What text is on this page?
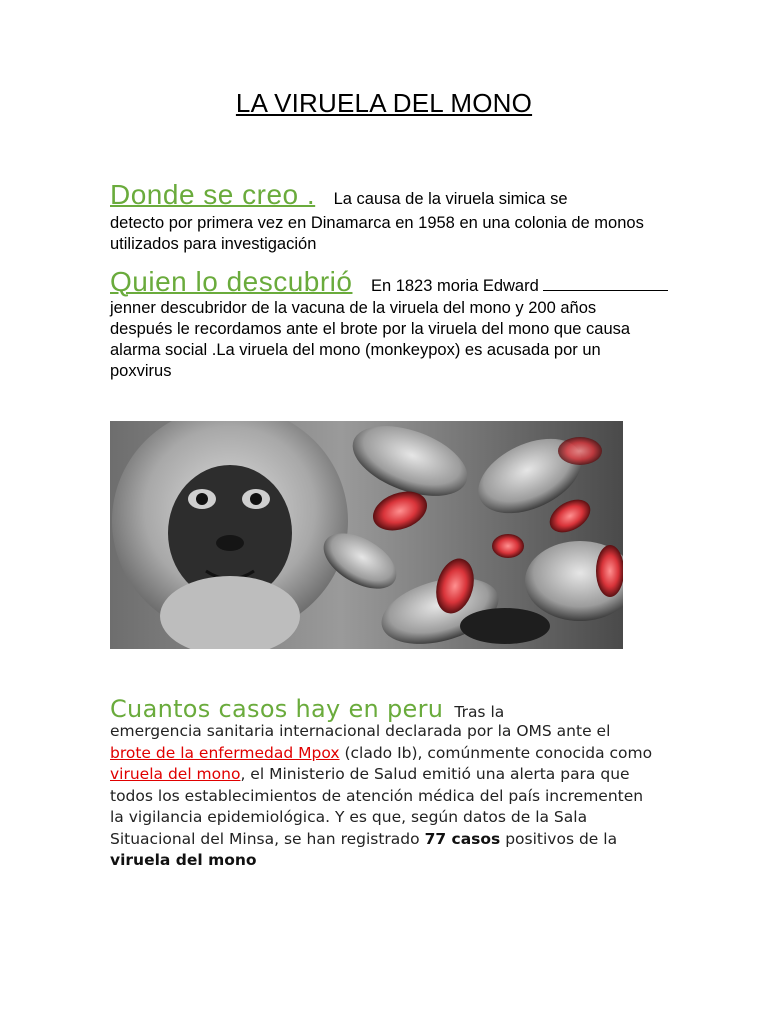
LA VIRUELA DEL MONO
Donde se creo . La causa de la viruela simica se
detecto por primera vez en Dinamarca en 1958 en una colonia de monos utilizados para investigación
Quien lo descubrió En 1823 moria Edward
jenner descubridor de la vacuna de la viruela del mono y 200 años después le recordamos ante el brote por la viruela del mono que causa alarma social .La viruela del mono (monkeypox) es acusada por un poxvirus
Cuantos casos hay en peru Tras la
emergencia sanitaria internacional declarada por la OMS ante el brote de la enfermedad Mpox (clado Ib), comúnmente conocida como viruela del mono, el Ministerio de Salud emitió una alerta para que todos los establecimientos de atención médica del país incrementen la vigilancia epidemiológica. Y es que, según datos de la Sala Situacional del Minsa, se han registrado 77 casos positivos de la viruela del mono
